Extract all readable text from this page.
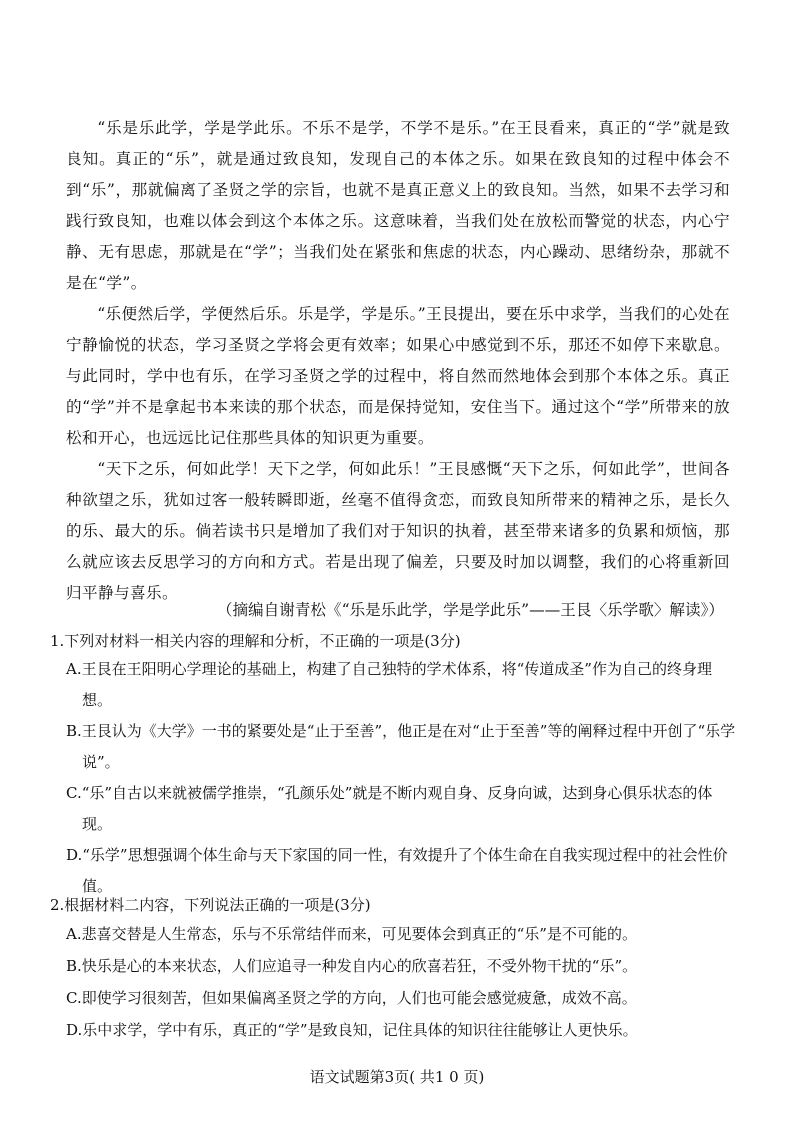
“乐是乐此学，学是学此乐。不乐不是学，不学不是乐。”在王艮看来，真正的“学”就是致良知。真正的“乐”，就是通过致良知，发现自己的本体之乐。如果在致良知的过程中体会不到“乐”，那就偏离了圣贤之学的宗旨，也就不是真正意义上的致良知。当然，如果不去学习和践行致良知，也难以体会到这个本体之乐。这意味着，当我们处在放松而警觉的状态，内心宁静、无有思虑，那就是在“学”；当我们处在紧张和焦虑的状态，内心躁动、思绪纷杂，那就不是在“学”。

“乐便然后学，学便然后乐。乐是学，学是乐。”王艮提出，要在乐中求学，当我们的心处在宁静愉悦的状态，学习圣贤之学将会更有效率；如果心中感觉到不乐，那还不如停下来歇息。与此同时，学中也有乐，在学习圣贤之学的过程中，将自然而然地体会到那个本体之乐。真正的“学”并不是拿起书本来读的那个状态，而是保持觉知，安住当下。通过这个“学”所带来的放松和开心，也远远比记住那些具体的知识更为重要。

“天下之乐，何如此学！天下之学，何如此乐！”王艮感慨“天下之乐，何如此学”，世间各种欲望之乐，犹如过客一般转瞬即逝，丝毫不值得贪恋，而致良知所带来的精神之乐，是长久的乐、最大的乐。倘若读书只是增加了我们对于知识的执着，甚至带来诸多的负累和烦恼，那么就应该去反思学习的方向和方式。若是出现了偏差，只要及时加以调整，我们的心将重新回归平静与喜乐。

（摘编自谢青松《“乐是乐此学，学是学此乐”——王艮〈乐学歌〉解读》）

1.下列对材料一相关内容的理解和分析，不正确的一项是(3分)

A.王艮在王阳明心学理论的基础上，构建了自己独特的学术体系，将“传道成圣”作为自己的终身理想。

B.王艮认为《大学》一书的紧要处是“止于至善”，他正是在对“止于至善”等的阐释过程中开创了“乐学说”。

C.“乐”自古以来就被儒学推崇，“孔颜乐处”就是不断内观自身、反身向诚，达到身心俱乐状态的体现。

D.“乐学”思想强调个体生命与天下家国的同一性，有效提升了个体生命在自我实现过程中的社会性价值。

2.根据材料二内容，下列说法正确的一项是(3分)

A.悲喜交替是人生常态，乐与不乐常结伴而来，可见要体会到真正的“乐”是不可能的。

B.快乐是心的本来状态，人们应追寻一种发自内心的欣喜若狂，不受外物干扰的“乐”。

C.即使学习很刻苦，但如果偏离圣贤之学的方向，人们也可能会感觉疲惫，成效不高。

D.乐中求学，学中有乐，真正的“学”是致良知，记住具体的知识往往能够让人更快乐。

语文试题第3页( 共1 0 页)
